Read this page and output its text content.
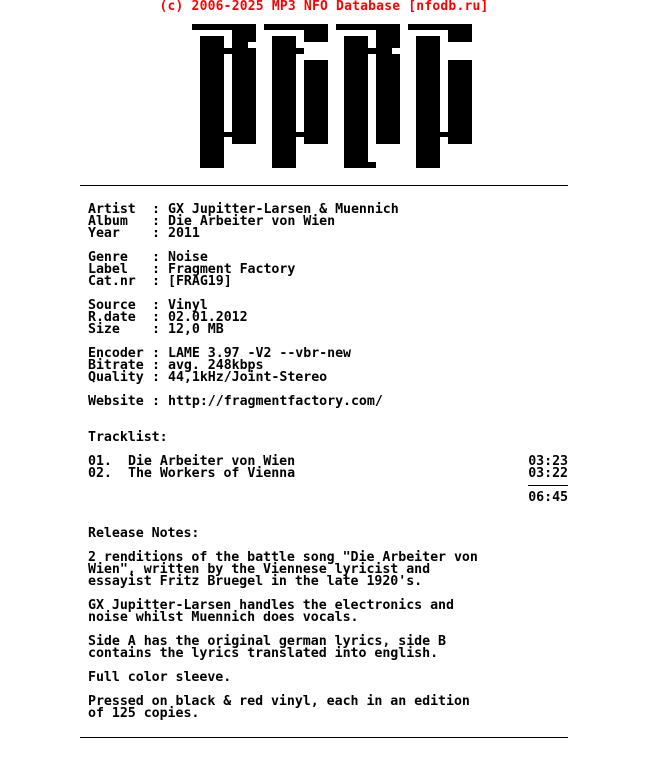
(c) 2006-2025 MP3 NFO Database [nfodb.ru]
Artist : GX Jupitter-Larsen & Muennich
Album : Die Arbeiter von Wien
Year : 2011
Genre : Noise
Label : Fragment Factory
Cat.nr : [FRAG19]
Source : Vinyl
R.date : 02.01.2012
Size : 12,0 MB
Encoder : LAME 3.97 -V2 --vbr-new
Bitrate : avg. 248kbps
Quality : 44,1kHz/Joint-Stereo
Website : http://fragmentfactory.com/
Tracklist:
01. Die Arbeiter von Wien	03:23
02. The Workers of Vienna	03:22
06:45
Release Notes:
2 renditions of the battle song "Die Arbeiter von
Wien", written by the Viennese lyricist and
essayist Fritz Bruegel in the late 1920's.
GX Jupitter-Larsen handles the electronics and
noise whilst Muennich does vocals.
Side A has the original german lyrics, side B
contains the lyrics translated into english.
Full color sleeve.
Pressed on black & red vinyl, each in an edition
of 125 copies.
